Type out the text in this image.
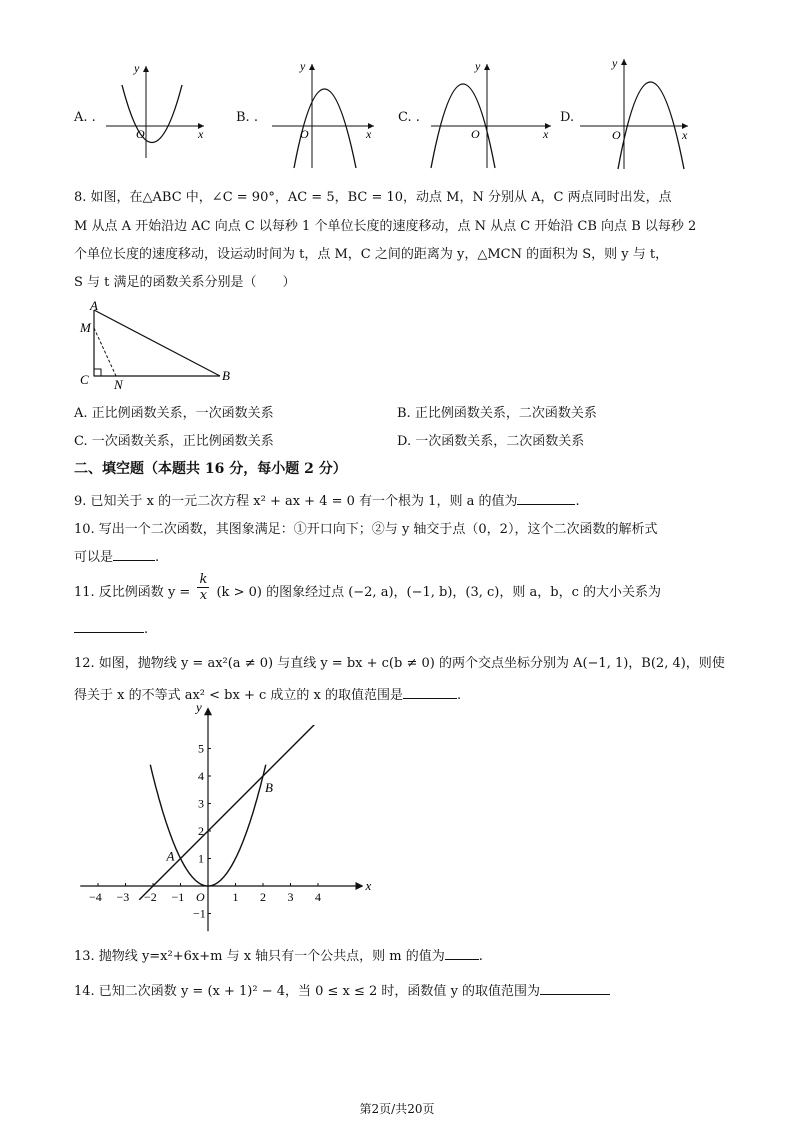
A. .	B. .	C. .	D.
y
O	x
y
O	x
y
O	x
y
O	x
8. 如图，在△ABC 中，∠C = 90°，AC = 5，BC = 10，动点 M，N 分别从 A，C 两点同时出发，点
M 从点 A 开始沿边 AC 向点 C 以每秒 1 个单位长度的速度移动，点 N 从点 C 开始沿 CB 向点 B 以每秒 2
个单位长度的速度移动，设运动时间为 t，点 M，C 之间的距离为 y，△MCN 的面积为 S，则 y 与 t，
S 与 t 满足的函数关系分别是（　　）
A
M
C N
B
A. 正比例函数关系，一次函数关系	B. 正比例函数关系，二次函数关系
C. 一次函数关系，正比例函数关系	D. 一次函数关系，二次函数关系
二、填空题（本题共 16 分，每小题 2 分）
9. 已知关于 x 的一元二次方程 x² + ax + 4 = 0 有一个根为 1，则 a 的值为	.
10. 写出一个二次函数，其图象满足：①开口向下；②与 y 轴交于点（0，2），这个二次函数的解析式
可以是	.
11. 反比例函数 $y = \frac{k}{x} (k > 0)$ 的图象经过点 (−2, a)，(−1, b)，(3, c)，则 a，b，c 的大小关系为
.
12. 如图，抛物线 y = ax²(a ≠ 0) 与直线 y = bx + c(b ≠ 0) 的两个交点坐标分别为 A(−1, 1)，B(2, 4)，则使
得关于 x 的不等式 ax² < bx + c 成立的 x 的取值范围是	.
−4 −3 −2 −1	1 2 3 4
−1
1
2
3
4
5
x
y
O
A
B
13. 抛物线 y=x²+6x+m 与 x 轴只有一个公共点，则 m 的值为	.
14. 已知二次函数 y = (x + 1)² − 4，当 0 ≤ x ≤ 2 时，函数值 y 的取值范围为
第2页/共20页
